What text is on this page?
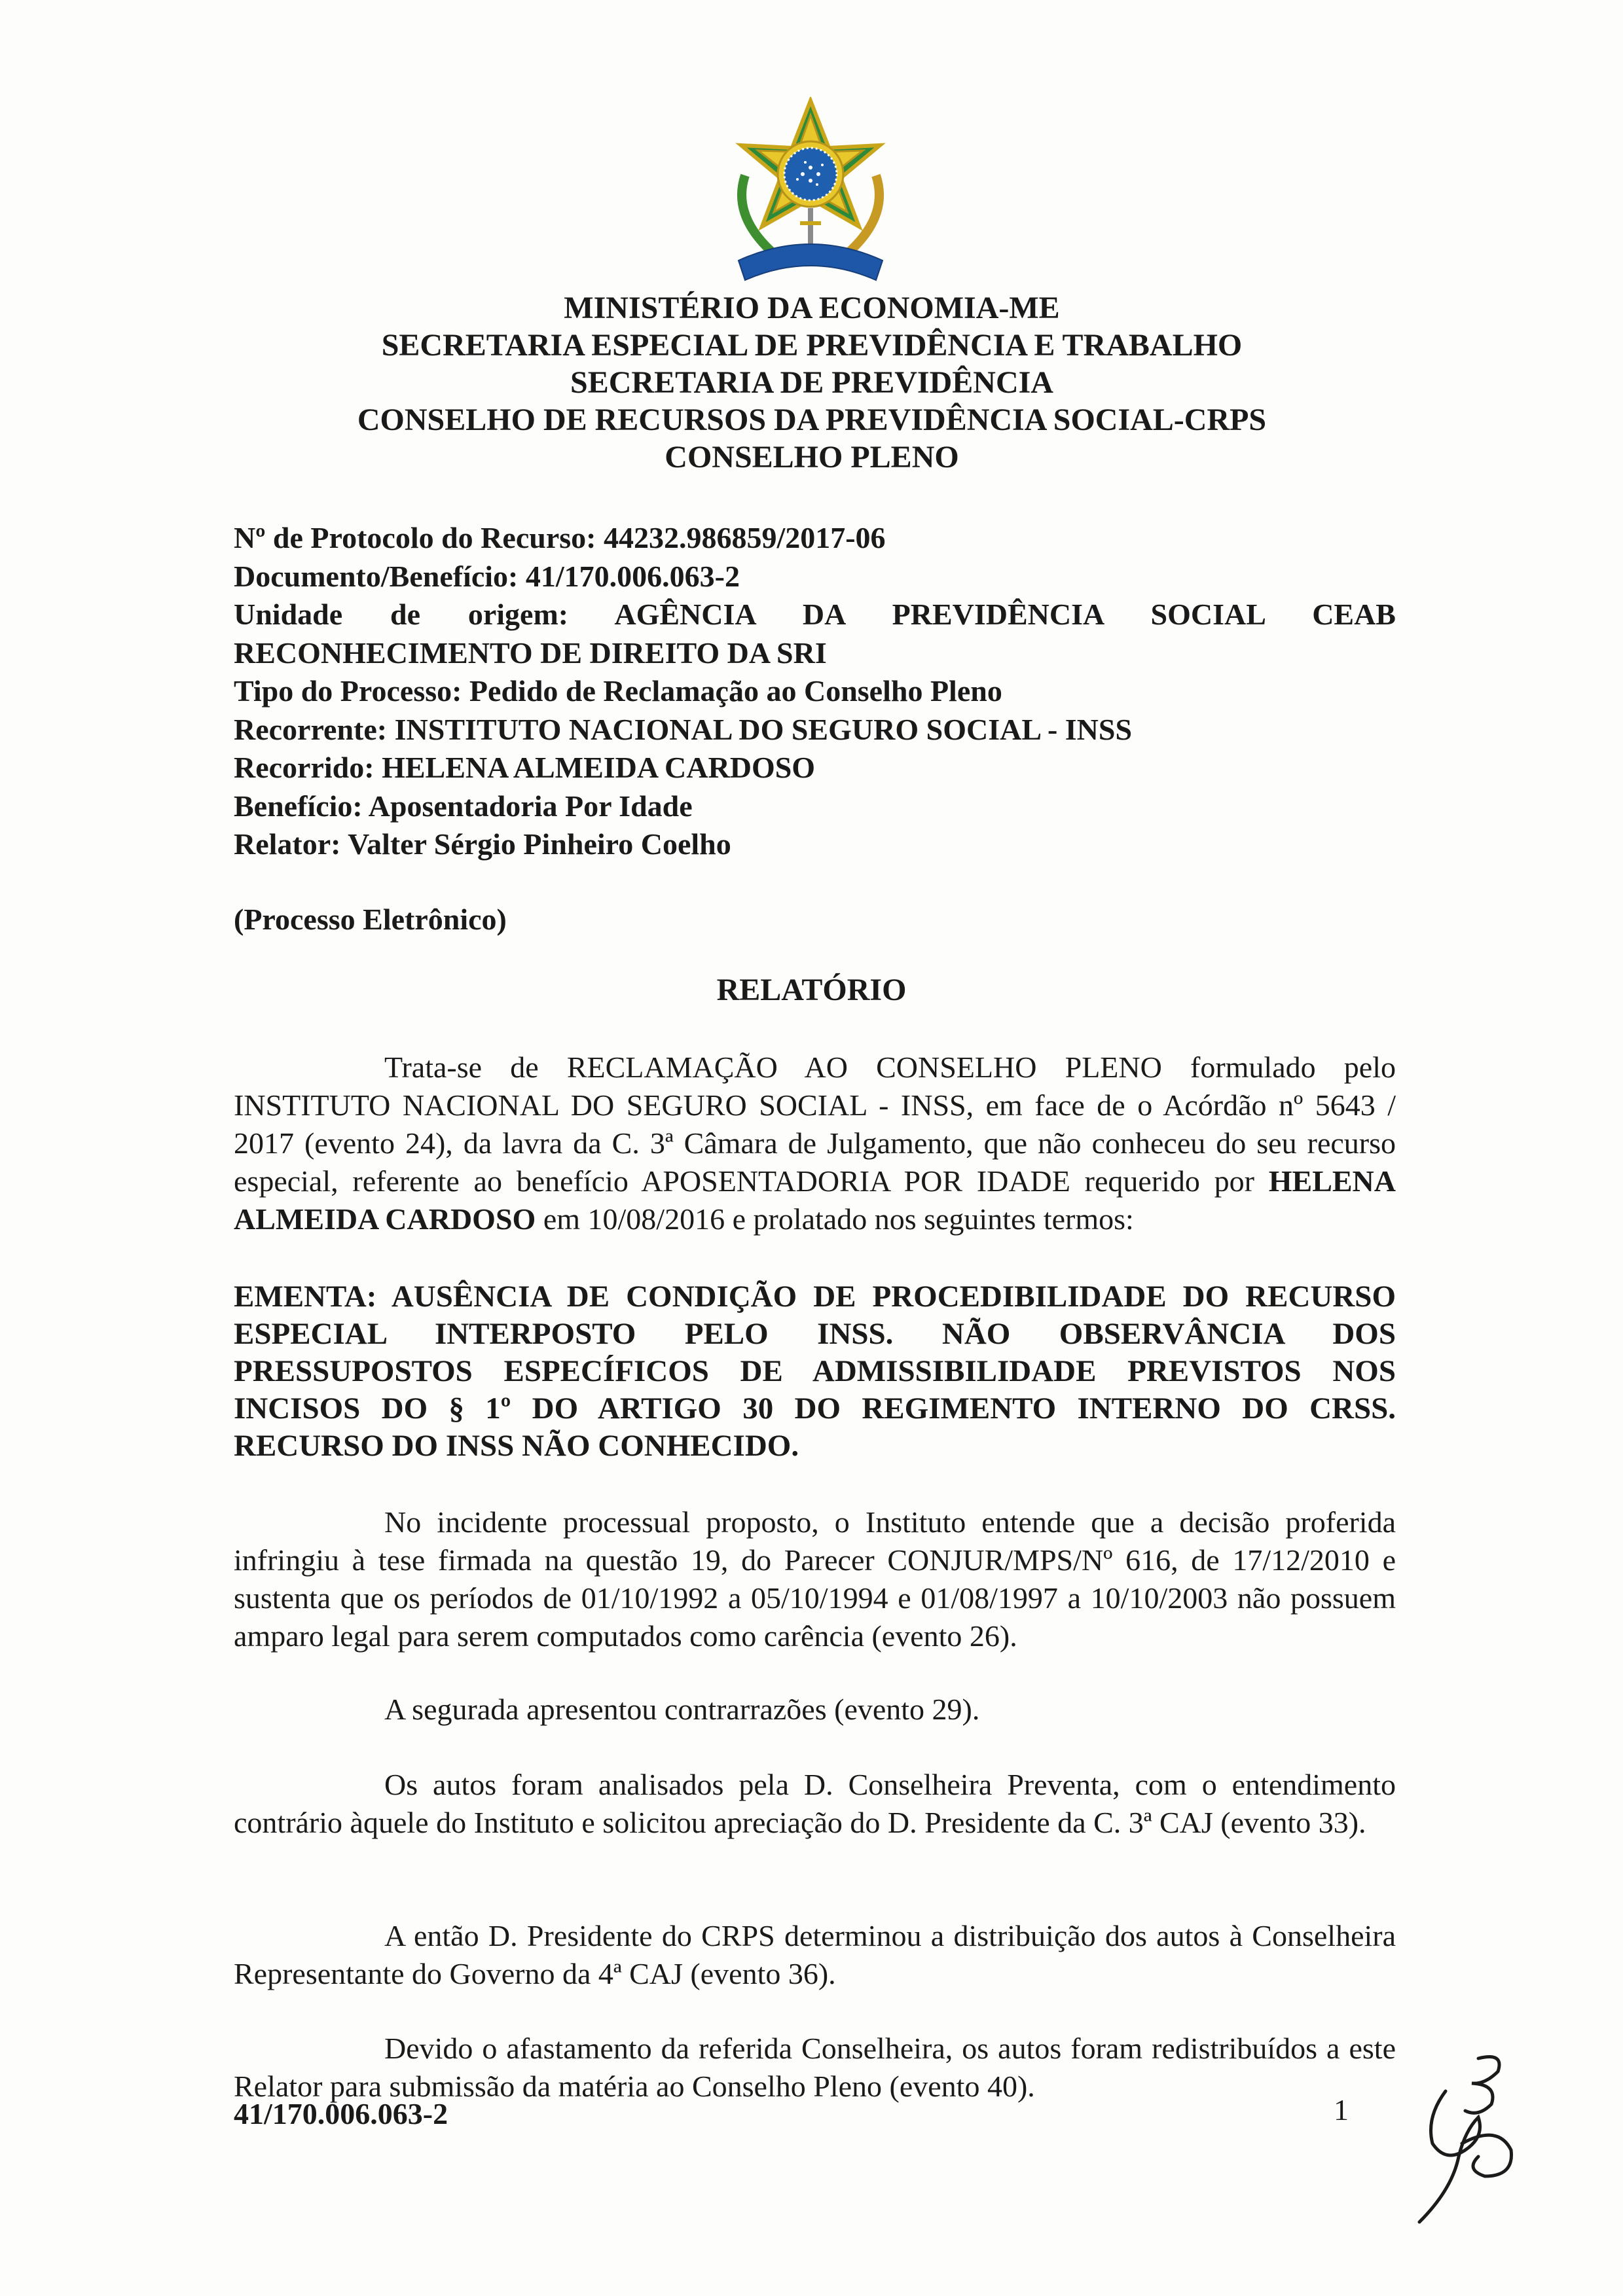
MINISTÉRIO DA ECONOMIA-ME
SECRETARIA ESPECIAL DE PREVIDÊNCIA E TRABALHO
SECRETARIA DE PREVIDÊNCIA
CONSELHO DE RECURSOS DA PREVIDÊNCIA SOCIAL-CRPS
CONSELHO PLENO
Nº de Protocolo do Recurso: 44232.986859/2017-06
Documento/Benefício: 41/170.006.063-2
Unidade de origem: AGÊNCIA DA PREVIDÊNCIA SOCIAL CEAB
RECONHECIMENTO DE DIREITO DA SRI
Tipo do Processo: Pedido de Reclamação ao Conselho Pleno
Recorrente: INSTITUTO NACIONAL DO SEGURO SOCIAL - INSS
Recorrido: HELENA ALMEIDA CARDOSO
Benefício: Aposentadoria Por Idade
Relator: Valter Sérgio Pinheiro Coelho
(Processo Eletrônico)
RELATÓRIO
Trata-se de RECLAMAÇÃO AO CONSELHO PLENO formulado pelo INSTITUTO NACIONAL DO SEGURO SOCIAL - INSS, em face de o Acórdão nº 5643 / 2017 (evento 24), da lavra da C. 3ª Câmara de Julgamento, que não conheceu do seu recurso especial, referente ao benefício APOSENTADORIA POR IDADE requerido por HELENA ALMEIDA CARDOSO em 10/08/2016 e prolatado nos seguintes termos:
EMENTA: AUSÊNCIA DE CONDIÇÃO DE PROCEDIBILIDADE DO RECURSO ESPECIAL INTERPOSTO PELO INSS. NÃO OBSERVÂNCIA DOS PRESSUPOSTOS ESPECÍFICOS DE ADMISSIBILIDADE PREVISTOS NOS INCISOS DO § 1º DO ARTIGO 30 DO REGIMENTO INTERNO DO CRSS. RECURSO DO INSS NÃO CONHECIDO.
No incidente processual proposto, o Instituto entende que a decisão proferida infringiu à tese firmada na questão 19, do Parecer CONJUR/MPS/Nº 616, de 17/12/2010 e sustenta que os períodos de 01/10/1992 a 05/10/1994 e 01/08/1997 a 10/10/2003 não possuem amparo legal para serem computados como carência (evento 26).
A segurada apresentou contrarrazões (evento 29).
Os autos foram analisados pela D. Conselheira Preventa, com o entendimento contrário àquele do Instituto e solicitou apreciação do D. Presidente da C. 3ª CAJ (evento 33).
A então D. Presidente do CRPS determinou a distribuição dos autos à Conselheira Representante do Governo da 4ª CAJ (evento 36).
Devido o afastamento da referida Conselheira, os autos foram redistribuídos a este Relator para submissão da matéria ao Conselho Pleno (evento 40).
41/170.006.063-2	1
